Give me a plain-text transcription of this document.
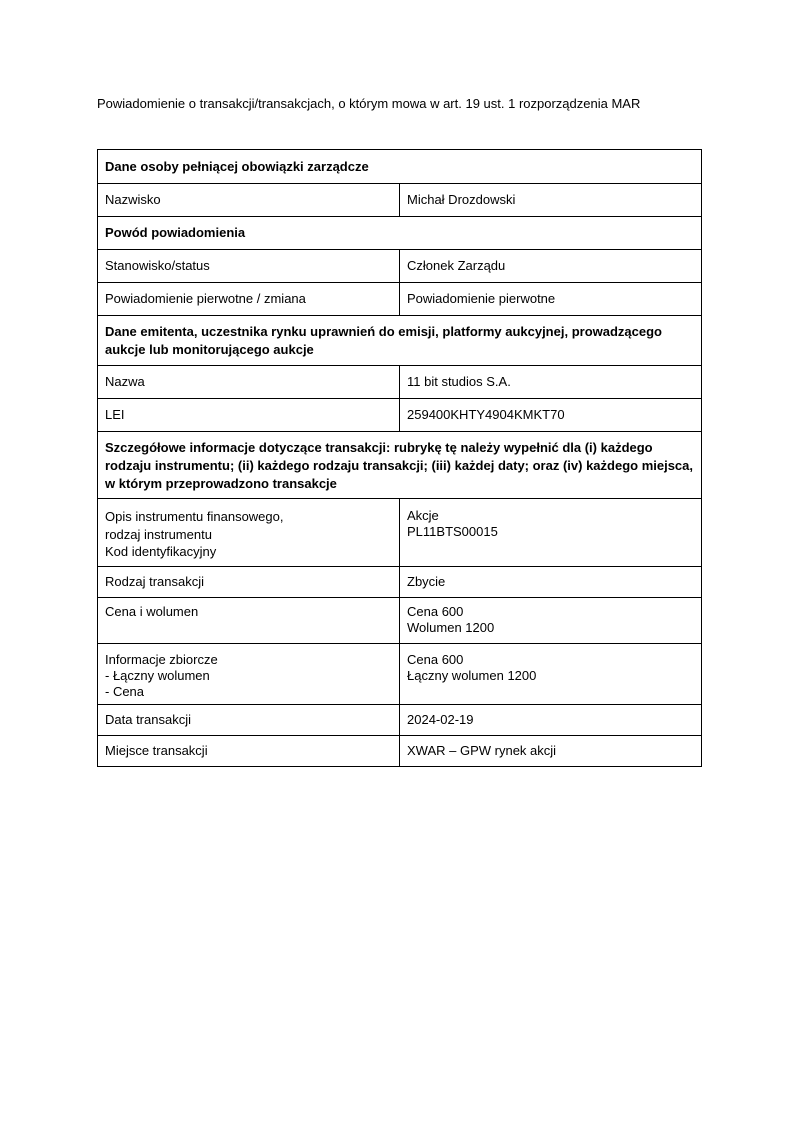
Powiadomienie o transakcji/transakcjach, o którym mowa w art. 19 ust. 1 rozporządzenia MAR
Dane osoby pełniącej obowiązki zarządcze	
Nazwisko	Michał Drozdowski
Powód powiadomienia	
Stanowisko/status	Członek Zarządu
Powiadomienie pierwotne / zmiana	Powiadomienie pierwotne
Dane emitenta, uczestnika rynku uprawnień do emisji, platformy aukcyjnej, prowadzącego aukcje lub monitorującego aukcje	
Nazwa	11 bit studios S.A.
LEI	259400KHTY4904KMKT70
Szczegółowe informacje dotyczące transakcji: rubrykę tę należy wypełnić dla (i) każdego rodzaju instrumentu; (ii) każdego rodzaju transakcji; (iii) każdej daty; oraz (iv) każdego miejsca, w którym przeprowadzono transakcje	

Opis instrumentu finansowego,
rodzaj instrumentu
Kod identyfikacyjny	Akcje
PL11BTS00015

Rodzaj transakcji	Zbycie
Cena i wolumen	Cena 600
Wolumen 1200

Informacje zbiorcze
- Łączny wolumen
- Cena	Cena 600
Łączny wolumen 1200

Data transakcji	2024-02-19
Miejsce transakcji	XWAR – GPW rynek akcji
